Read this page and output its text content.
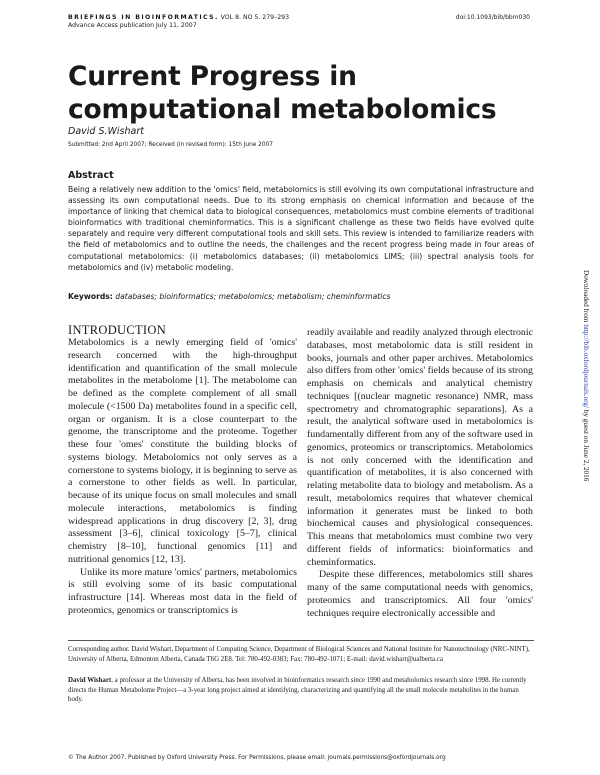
BRIEFINGS IN BIOINFORMATICS. VOL 8. NO 5. 279–293
Advance Access publication July 11, 2007
doi:10.1093/bib/bbm030
Current Progress in computational metabolomics
David S.Wishart
Submitted: 2nd April 2007; Received (in revised form): 15th June 2007
Abstract
Being a relatively new addition to the 'omics' field, metabolomics is still evolving its own computational infrastructure and assessing its own computational needs. Due to its strong emphasis on chemical information and because of the importance of linking that chemical data to biological consequences, metabolomics must combine elements of traditional bioinformatics with traditional cheminformatics. This is a significant challenge as these two fields have evolved quite separately and require very different computational tools and skill sets. This review is intended to familiarize readers with the field of metabolomics and to outline the needs, the challenges and the recent progress being made in four areas of computational metabolomics: (i) metabolomics databases; (ii) metabolomics LIMS; (iii) spectral analysis tools for metabolomics and (iv) metabolic modeling.
Keywords: databases; bioinformatics; metabolomics; metabolism; cheminformatics
INTRODUCTION

Metabolomics is a newly emerging field of 'omics' research concerned with the high-throughput identification and quantification of the small molecule metabolites in the metabolome [1]. The metabolome can be defined as the complete complement of all small molecule (<1500 Da) metabolites found in a specific cell, organ or organism. It is a close counterpart to the genome, the transcriptome and the proteome. Together these four 'omes' constitute the building blocks of systems biology. Metabolomics not only serves as a cornerstone to systems biology, it is beginning to serve as a cornerstone to other fields as well. In particular, because of its unique focus on small molecules and small molecule interactions, metabolomics is finding widespread applications in drug discovery [2, 3], drug assessment [3–6], clinical toxicology [5–7], clinical chemistry [8–10], functional genomics [11] and nutritional genomics [12, 13].

Unlike its more mature 'omics' partners, metabolomics is still evolving some of its basic computational infrastructure [14]. Whereas most data in the field of proteomics, genomics or transcriptomics is

readily available and readily analyzed through electronic databases, most metabolomic data is still resident in books, journals and other paper archives. Metabolomics also differs from other 'omics' fields because of its strong emphasis on chemicals and analytical chemistry techniques [(nuclear magnetic resonance) NMR, mass spectrometry and chromatographic separations]. As a result, the analytical software used in metabolomics is fundamentally different from any of the software used in genomics, proteomics or transcriptomics. Metabolomics is not only concerned with the identification and quantification of metabolites, it is also concerned with relating metabolite data to biology and metabolism. As a result, metabolomics requires that whatever chemical information it generates must be linked to both biochemical causes and physiological consequences. This means that metabolomics must combine two very different fields of informatics: bioinformatics and cheminformatics.

Despite these differences, metabolomics still shares many of the same computational needs with genomics, proteomics and transcriptomics. All four 'omics' techniques require electronically accessible and

Corresponding author. David Wishart, Department of Computing Science, Department of Biological Sciences and National Institute for Nanotechnology (NRC-NINT), University of Alberta, Edmonton Alberta, Canada T6G 2E8. Tel: 780-492-0383; Fax: 780-492-1071; E-mail: david.wishart@ualberta.ca
David Wishart, a professor at the University of Alberta, has been involved in bioinformatics research since 1990 and metabolomics research since 1998. He currently directs the Human Metabolome Project—a 3-year long project aimed at identifying, characterizing and quantifying all the small molecule metabolites in the human body.
© The Author 2007. Published by Oxford University Press. For Permissions, please email: journals.permissions@oxfordjournals.org
Downloaded from http://bib.oxfordjournals.org/ by guest on June 2, 2016
